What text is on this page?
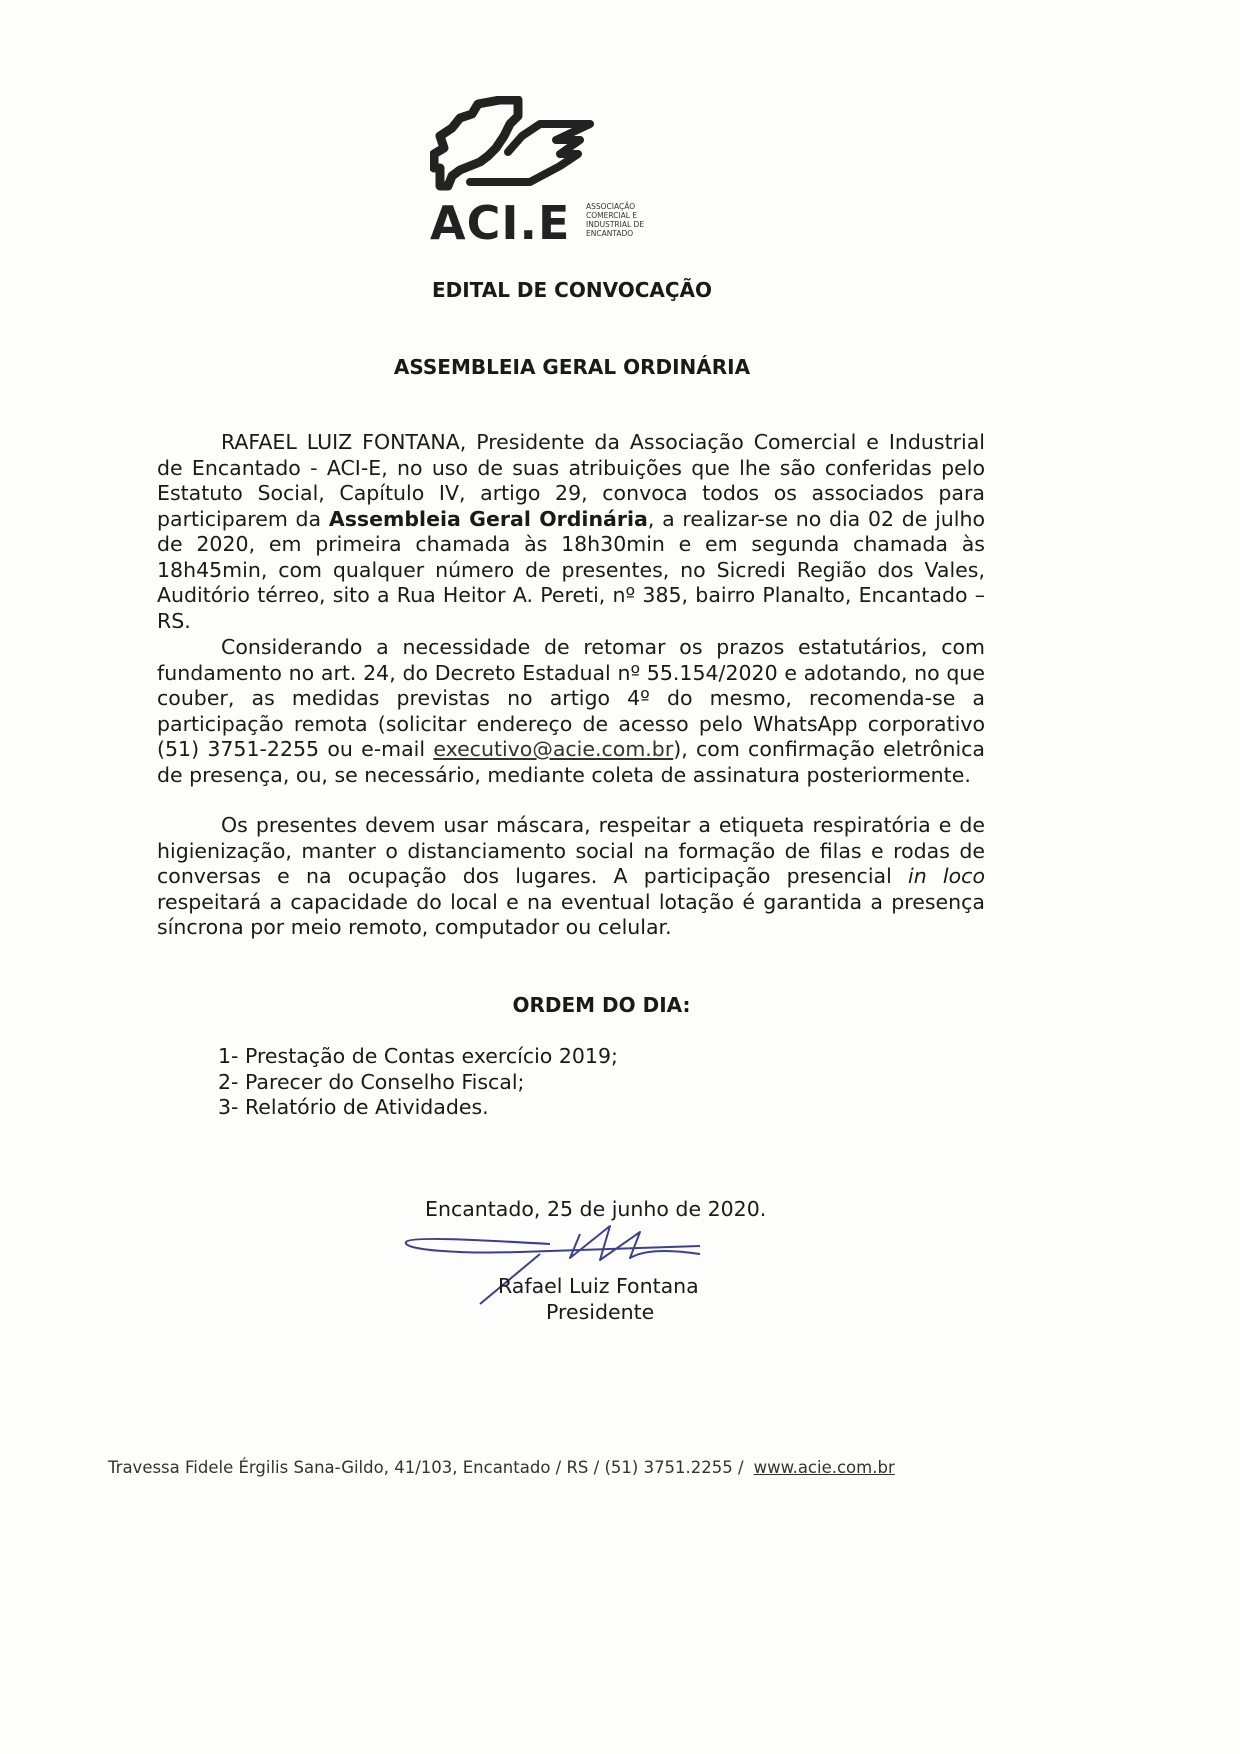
ACI.E ASSOCIAÇÃO
COMERCIAL E
INDUSTRIAL DE
ENCANTADO
EDITAL DE CONVOCAÇÃO
ASSEMBLEIA GERAL ORDINÁRIA

RAFAEL LUIZ FONTANA, Presidente da Associação Comercial e Industrial de Encantado - ACI-E, no uso de suas atribuições que lhe são conferidas pelo Estatuto Social, Capítulo IV, artigo 29, convoca todos os associados para participarem da Assembleia Geral Ordinária, a realizar-se no dia 02 de julho de 2020, em primeira chamada às 18h30min e em segunda chamada às 18h45min, com qualquer número de presentes, no Sicredi Região dos Vales, Auditório térreo, sito a Rua Heitor A. Pereti, nº 385, bairro Planalto, Encantado – RS.

Considerando a necessidade de retomar os prazos estatutários, com fundamento no art. 24, do Decreto Estadual nº 55.154/2020 e adotando, no que couber, as medidas previstas no artigo 4º do mesmo, recomenda-se a participação remota (solicitar endereço de acesso pelo WhatsApp corporativo (51) 3751-2255 ou e-mail executivo@acie.com.br), com confirmação eletrônica de presença, ou, se necessário, mediante coleta de assinatura posteriormente.

Os presentes devem usar máscara, respeitar a etiqueta respiratória e de higienização, manter o distanciamento social na formação de filas e rodas de conversas e na ocupação dos lugares. A participação presencial in loco respeitará a capacidade do local e na eventual lotação é garantida a presença síncrona por meio remoto, computador ou celular.

ORDEM DO DIA:
1- Prestação de Contas exercício 2019;
2- Parecer do Conselho Fiscal;
3- Relatório de Atividades.
Encantado, 25 de junho de 2020.
Rafael Luiz Fontana
Presidente
Travessa Fidele Érgilis Sana-Gildo, 41/103, Encantado / RS / (51) 3751.2255 / www.acie.com.br
